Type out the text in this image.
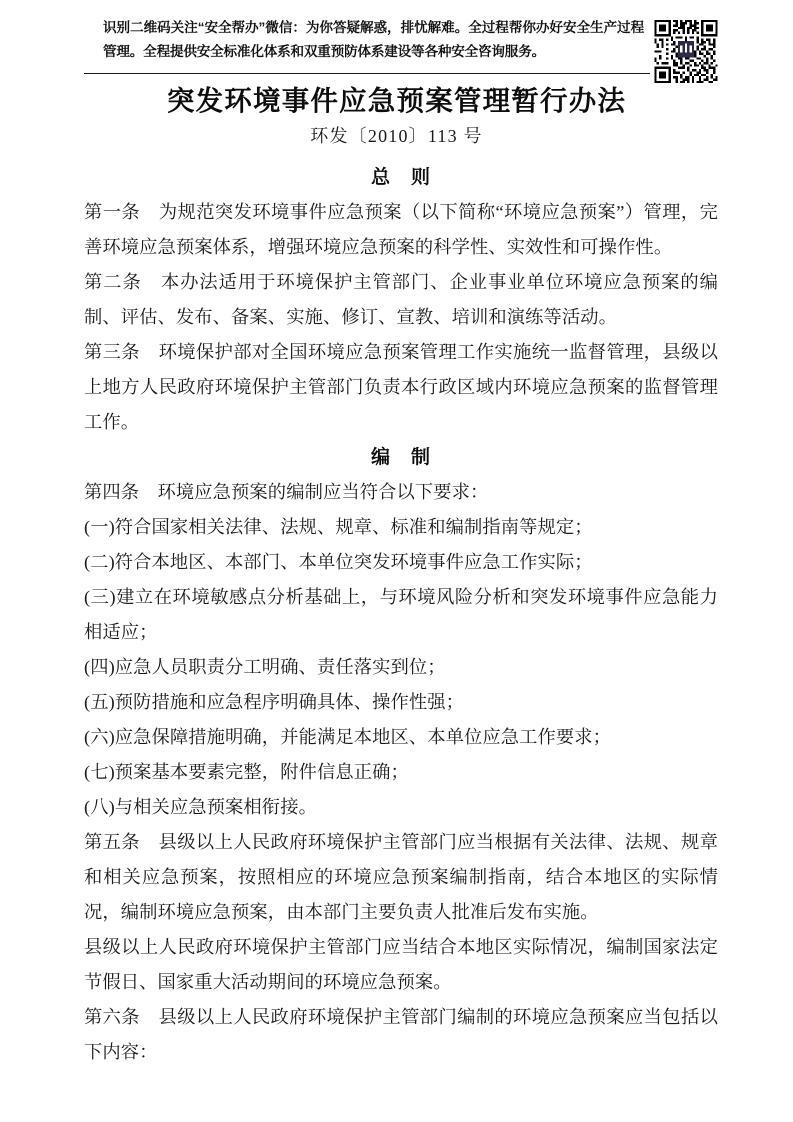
识别二维码关注“安全帮办”微信：为你答疑解惑，排忧解难。全过程帮你办好安全生产过程管理。全程提供安全标准化体系和双重预防体系建设等各种安全咨询服务。
突发环境事件应急预案管理暂行办法
环发〔2010〕113 号
总　则

第一条　为规范突发环境事件应急预案（以下简称“环境应急预案”）管理，完善环境应急预案体系，增强环境应急预案的科学性、实效性和可操作性。

第二条　本办法适用于环境保护主管部门、企业事业单位环境应急预案的编制、评估、发布、备案、实施、修订、宣教、培训和演练等活动。

第三条　环境保护部对全国环境应急预案管理工作实施统一监督管理，县级以上地方人民政府环境保护主管部门负责本行政区域内环境应急预案的监督管理工作。

编　制

第四条　环境应急预案的编制应当符合以下要求：

(一)符合国家相关法律、法规、规章、标准和编制指南等规定；

(二)符合本地区、本部门、本单位突发环境事件应急工作实际；

(三)建立在环境敏感点分析基础上，与环境风险分析和突发环境事件应急能力相适应；

(四)应急人员职责分工明确、责任落实到位；

(五)预防措施和应急程序明确具体、操作性强；

(六)应急保障措施明确，并能满足本地区、本单位应急工作要求；

(七)预案基本要素完整，附件信息正确；

(八)与相关应急预案相衔接。

第五条　县级以上人民政府环境保护主管部门应当根据有关法律、法规、规章和相关应急预案，按照相应的环境应急预案编制指南，结合本地区的实际情况，编制环境应急预案，由本部门主要负责人批准后发布实施。

县级以上人民政府环境保护主管部门应当结合本地区实际情况，编制国家法定节假日、国家重大活动期间的环境应急预案。

第六条　县级以上人民政府环境保护主管部门编制的环境应急预案应当包括以下内容：
